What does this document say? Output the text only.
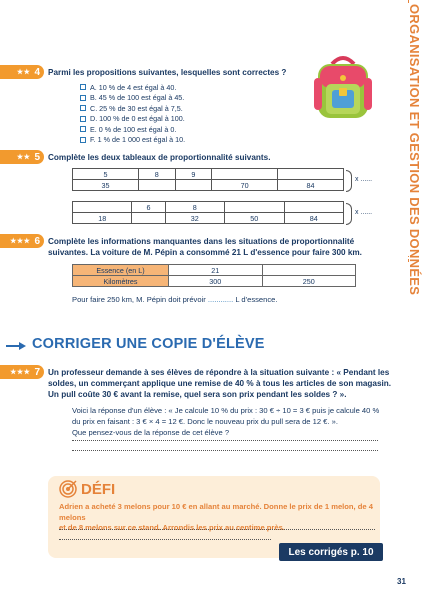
ORGANISATION ET GESTION DES DONNÉES
★★ 4 Parmi les propositions suivantes, lesquelles sont correctes ?
A. 10 % de 4 est égal à 40.
B. 45 % de 100 est égal à 45.
C. 25 % de 30 est égal à 7,5.
D. 100 % de 0 est égal à 100.
E. 0 % de 100 est égal à 0.
F. 1 % de 1 000 est égal à 10.
★★ 5 Complète les deux tableaux de proportionnalité suivants.
5	8	9		
35			70	84
x ......
	6	8		
18		32	50	84
x ......
★★★ 6 Complète les informations manquantes dans les situations de proportionnalité
suivantes. La voiture de M. Pépin a consommé 21 L d'essence pour faire 300 km.
Essence (en L)	21	
Kilomètres	300	250
Pour faire 250 km, M. Pépin doit prévoir ............ L d'essence.
CORRIGER UNE COPIE D'ÉLÈVE
★★★ 7 Un professeur demande à ses élèves de répondre à la situation suivante : « Pendant les
soldes, un commerçant applique une remise de 40 % à tous les articles de son magasin.
Un pull coûte 30 € avant la remise, quel sera son prix pendant les soldes ? ».
Voici la réponse d'un élève : « Je calcule 10 % du prix : 30 € ÷ 10 = 3 € puis je calcule 40 %
du prix en faisant : 3 € × 4 = 12 €. Donc le nouveau prix du pull sera de 12 €. ».
Que pensez-vous de la réponse de cet élève ?
DÉFI
Adrien a acheté 3 melons pour 10 € en allant au marché. Donne le prix de 1 melon, de 4 melons
et de 8 melons sur ce stand. Arrondis les prix au centime près.
Les corrigés p. 10
31
